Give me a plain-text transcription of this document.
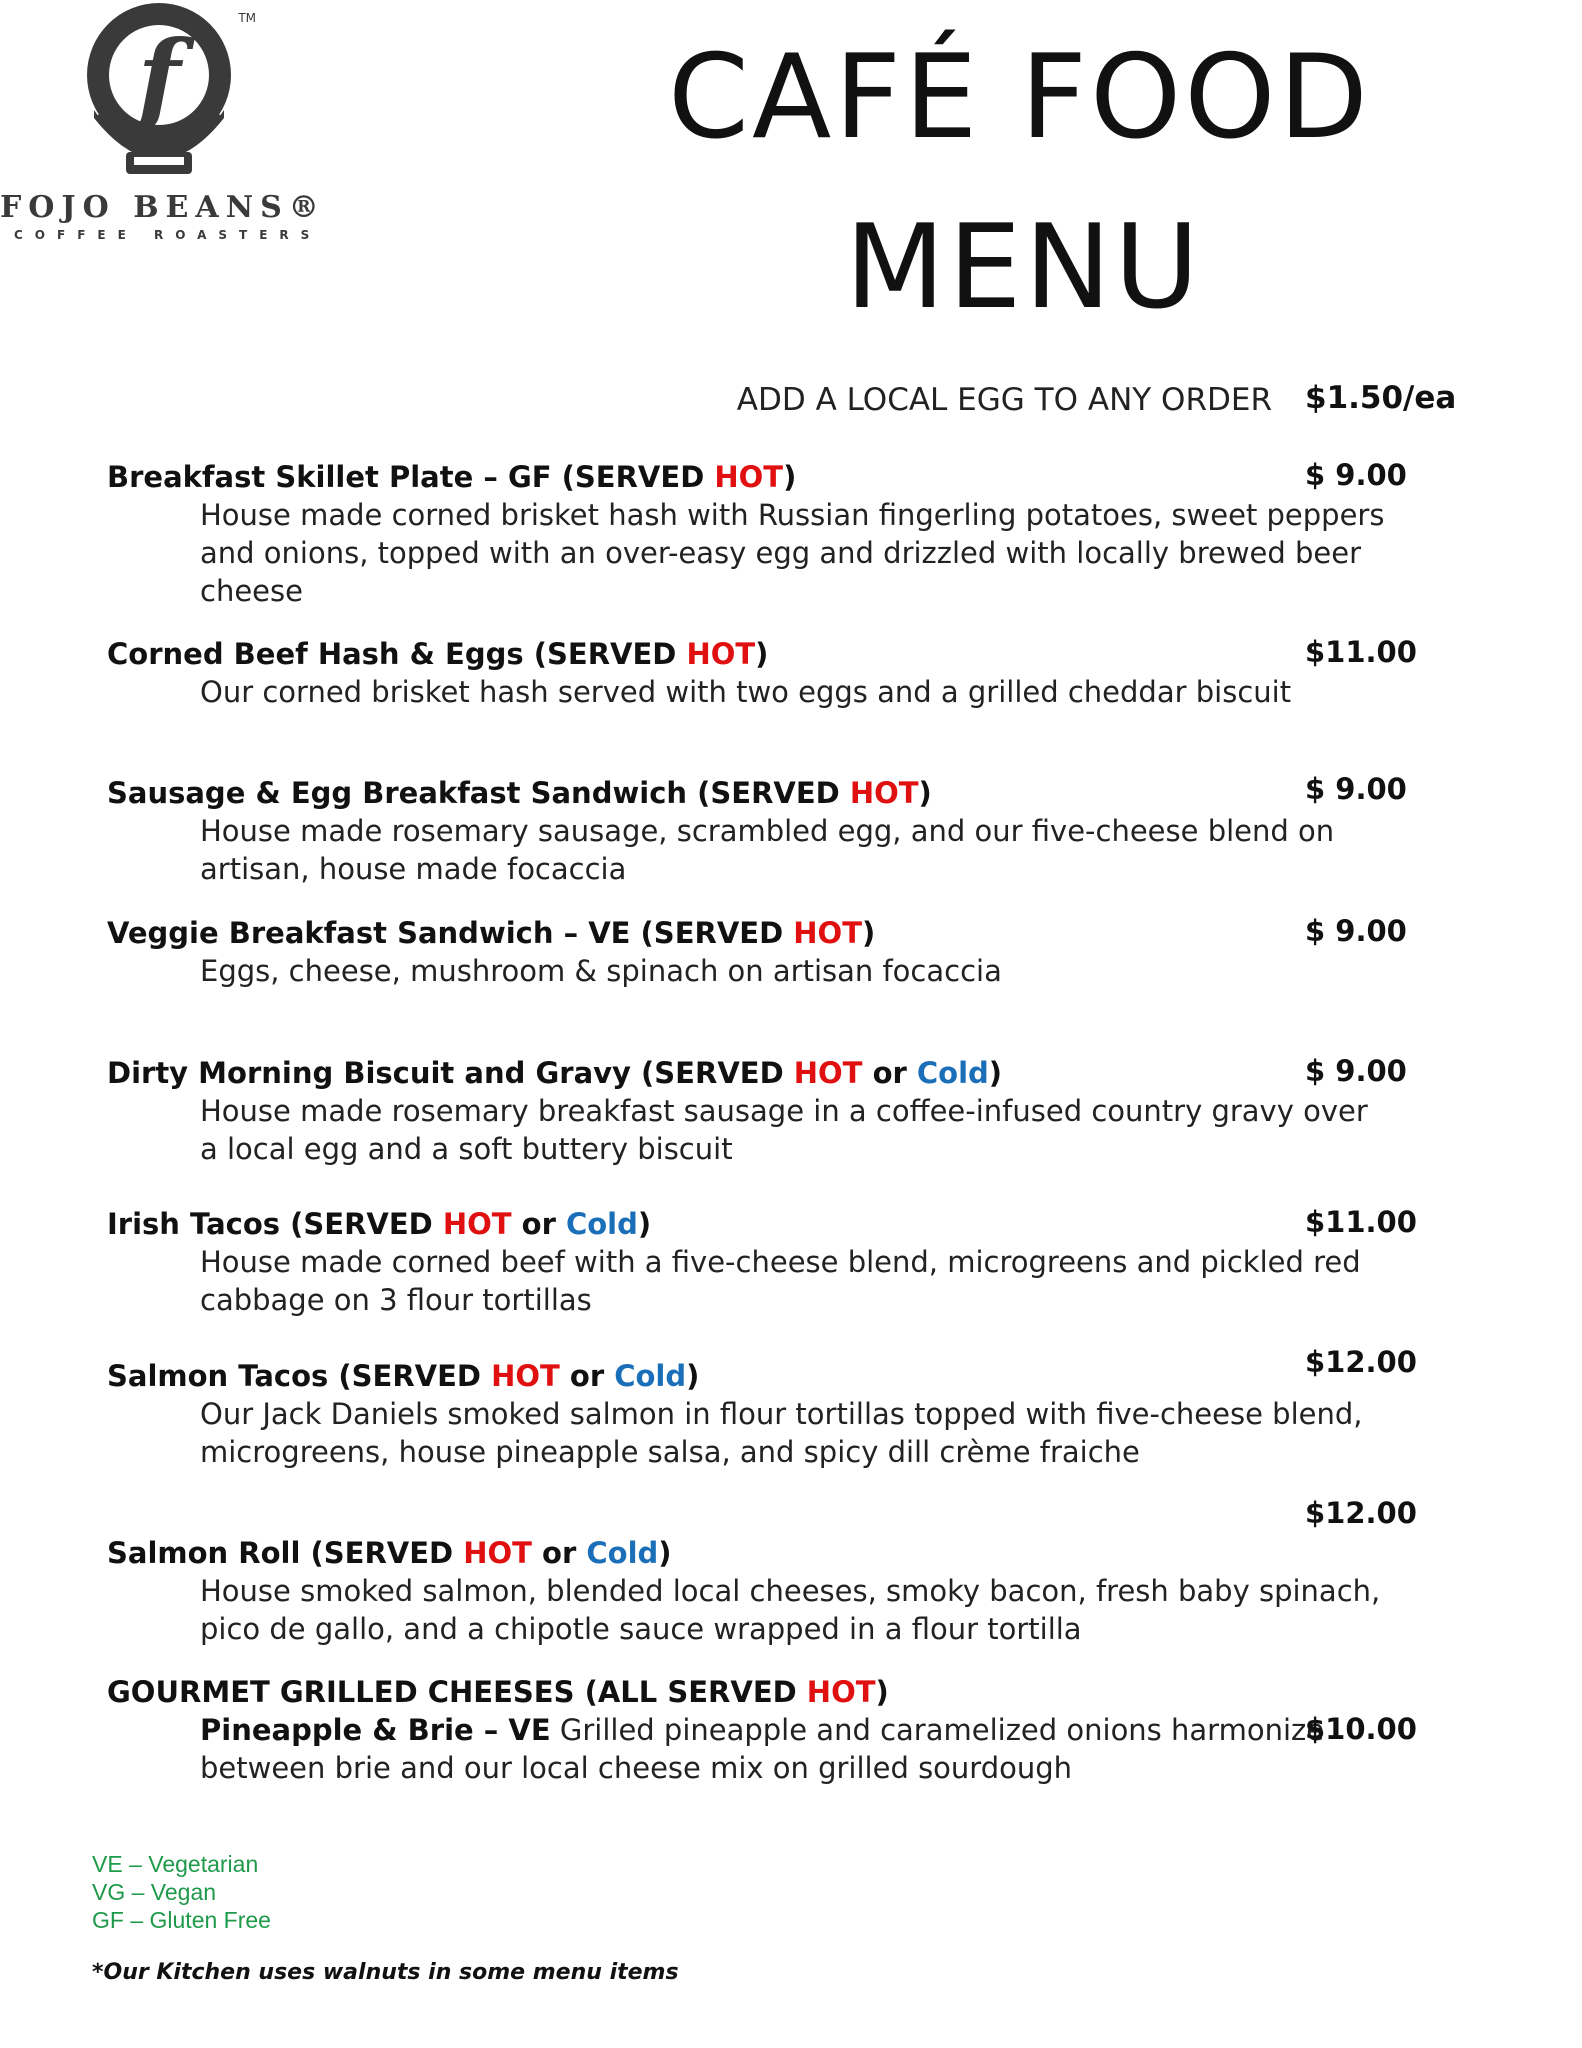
f	TM
FOJO BEANS®
COFFEE ROASTERS
CAFÉ FOOD
MENU
ADD A LOCAL EGG TO ANY ORDER $1.50/ea
Breakfast Skillet Plate – GF (SERVED HOT)
House made corned brisket hash with Russian fingerling potatoes, sweet peppers and onions, topped with an over-easy egg and drizzled with locally brewed beer cheese
$ 9.00
Corned Beef Hash & Eggs (SERVED HOT)
Our corned brisket hash served with two eggs and a grilled cheddar biscuit
$11.00
Sausage & Egg Breakfast Sandwich (SERVED HOT)
House made rosemary sausage, scrambled egg, and our five-cheese blend on artisan, house made focaccia
$ 9.00
Veggie Breakfast Sandwich – VE (SERVED HOT)
Eggs, cheese, mushroom & spinach on artisan focaccia
$ 9.00
Dirty Morning Biscuit and Gravy (SERVED HOT or Cold)
House made rosemary breakfast sausage in a coffee-infused country gravy over a local egg and a soft buttery biscuit
$ 9.00
Irish Tacos (SERVED HOT or Cold)
House made corned beef with a five-cheese blend, microgreens and pickled red cabbage on 3 flour tortillas
$11.00
Salmon Tacos (SERVED HOT or Cold)
Our Jack Daniels smoked salmon in flour tortillas topped with five-cheese blend, microgreens, house pineapple salsa, and spicy dill crème fraiche
$12.00
Salmon Roll (SERVED HOT or Cold)
House smoked salmon, blended local cheeses, smoky bacon, fresh baby spinach, pico de gallo, and a chipotle sauce wrapped in a flour tortilla
$12.00
GOURMET GRILLED CHEESES (ALL SERVED HOT)
Pineapple & Brie – VE Grilled pineapple and caramelized onions harmonize between brie and our local cheese mix on grilled sourdough
$10.00
VE – Vegetarian
VG – Vegan
GF – Gluten Free
*Our Kitchen uses walnuts in some menu items
